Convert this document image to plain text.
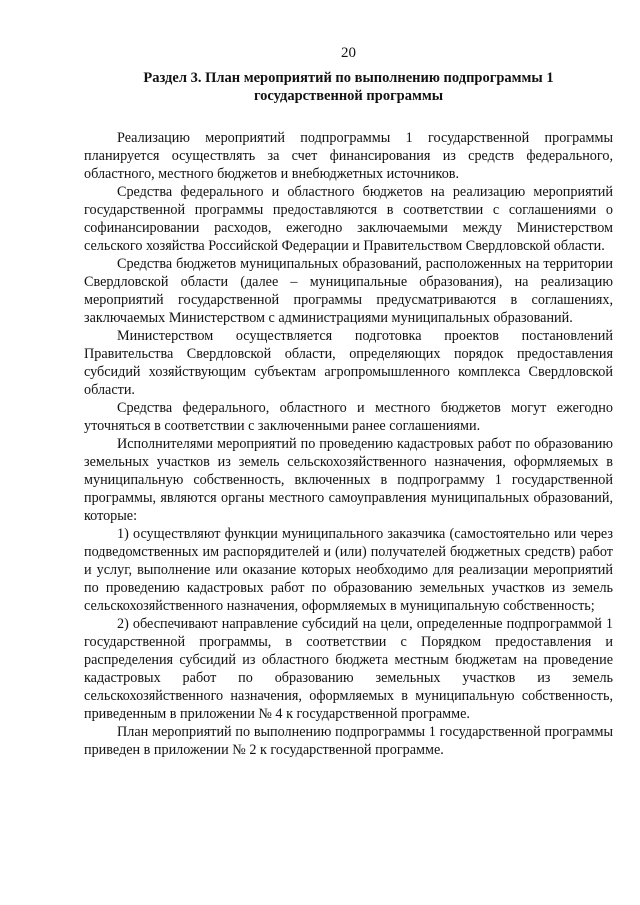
20
Раздел 3. План мероприятий по выполнению подпрограммы 1 государственной программы

Реализацию мероприятий подпрограммы 1 государственной программы планируется осуществлять за счет финансирования из средств федерального, областного, местного бюджетов и внебюджетных источников.

Средства федерального и областного бюджетов на реализацию мероприятий государственной программы предоставляются в соответствии с соглашениями о софинансировании расходов, ежегодно заключаемыми между Министерством сельского хозяйства Российской Федерации и Правительством Свердловской области.

Средства бюджетов муниципальных образований, расположенных на территории Свердловской области (далее – муниципальные образования), на реализацию мероприятий государственной программы предусматриваются в соглашениях, заключаемых Министерством с администрациями муниципальных образований.

Министерством осуществляется подготовка проектов постановлений Правительства Свердловской области, определяющих порядок предоставления субсидий хозяйствующим субъектам агропромышленного комплекса Свердловской области.

Средства федерального, областного и местного бюджетов могут ежегодно уточняться в соответствии с заключенными ранее соглашениями.

Исполнителями мероприятий по проведению кадастровых работ по образованию земельных участков из земель сельскохозяйственного назначения, оформляемых в муниципальную собственность, включенных в подпрограмму 1 государственной программы, являются органы местного самоуправления муниципальных образований, которые:

1) осуществляют функции муниципального заказчика (самостоятельно или через подведомственных им распорядителей и (или) получателей бюджетных средств) работ и услуг, выполнение или оказание которых необходимо для реализации мероприятий по проведению кадастровых работ по образованию земельных участков из земель сельскохозяйственного назначения, оформляемых в муниципальную собственность;

2) обеспечивают направление субсидий на цели, определенные подпрограммой 1 государственной программы, в соответствии с Порядком предоставления и распределения субсидий из областного бюджета местным бюджетам на проведение кадастровых работ по образованию земельных участков из земель сельскохозяйственного назначения, оформляемых в муниципальную собственность, приведенным в приложении № 4 к государственной программе.

План мероприятий по выполнению подпрограммы 1 государственной программы приведен в приложении № 2 к государственной программе.
